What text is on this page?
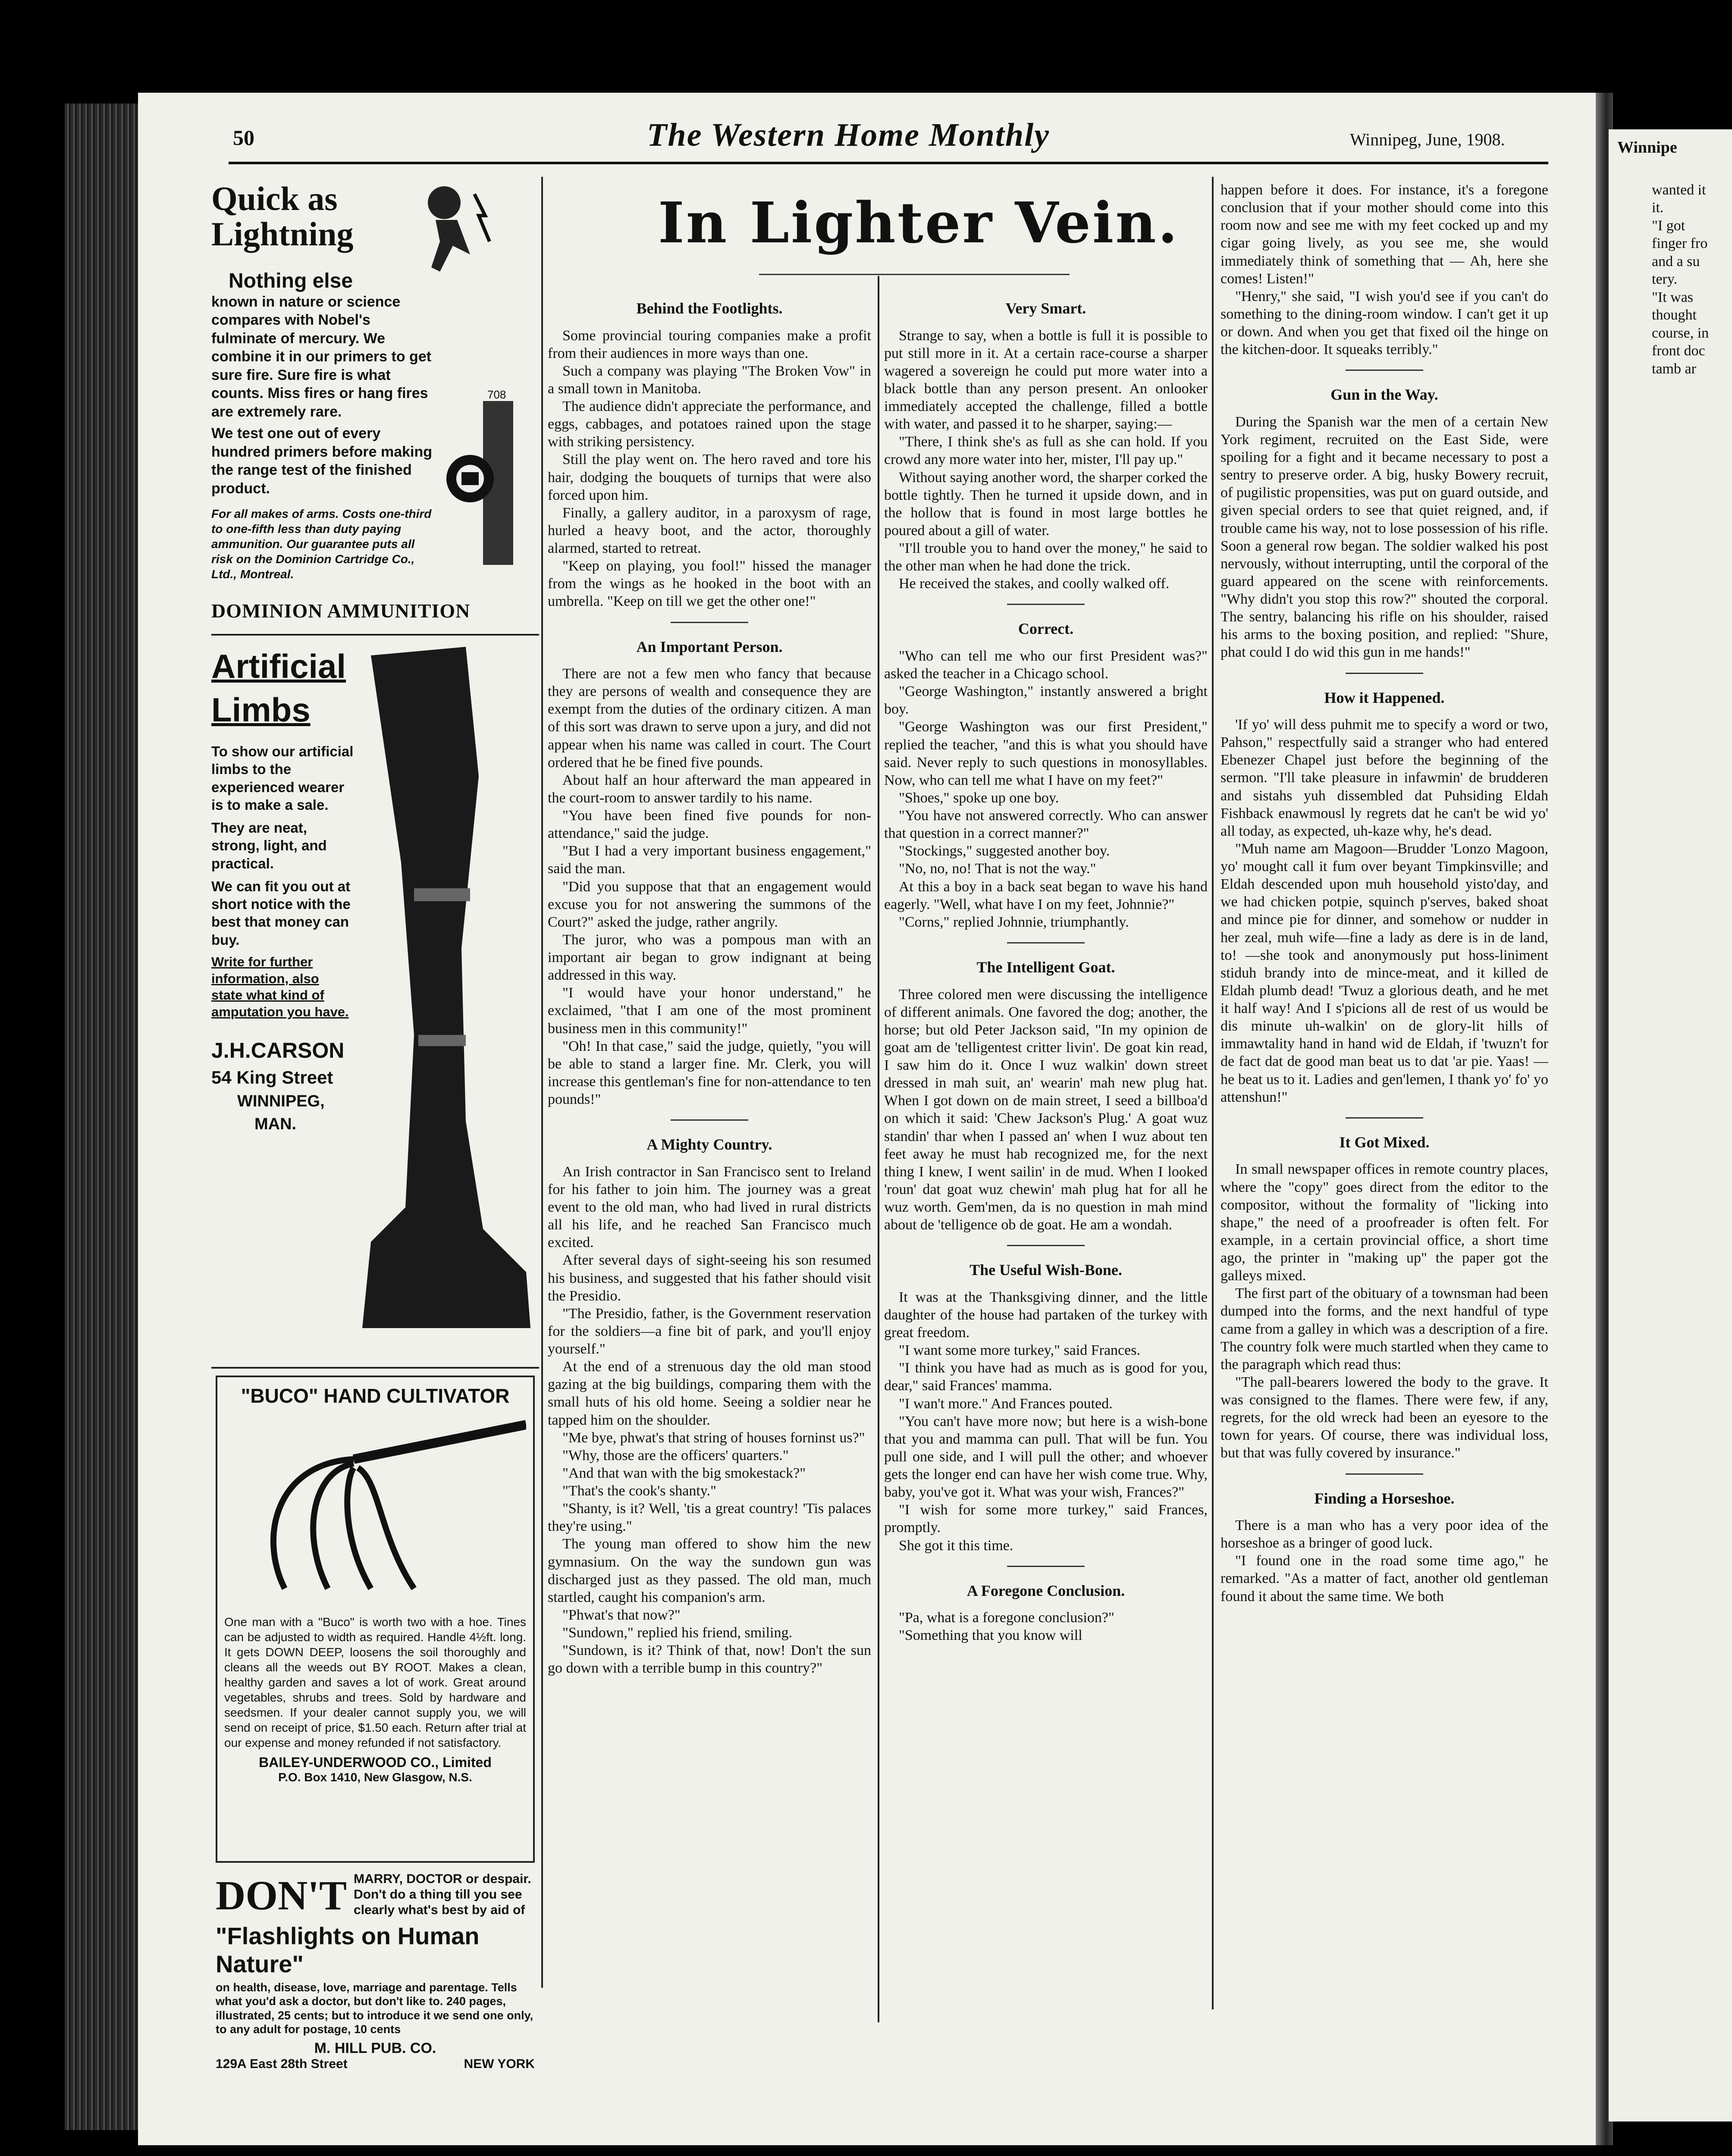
Winnipe
wanted it
it.
"I got
finger fro
and a su
tery.
"It was
thought
course, in
front doc
tamb ar
50	The Western Home Monthly	Winnipeg, June, 1908.
Quick as Lightning
Nothing else
known in nature or science compares with Nobel's fulminate of mercury. We combine it in our primers to get sure fire. Sure fire is what counts. Miss fires or hang fires are extremely rare.
We test one out of every hundred primers before making the range test of the finished product.
For all makes of arms. Costs one-third to one-fifth less than duty paying ammunition. Our guarantee puts all risk on the Dominion Cartridge Co., Ltd., Montreal.
708
DOMINION AMMUNITION
Artificial
Limbs
To show our artificial limbs to the experienced wearer is to make a sale.
They are neat, strong, light, and practical.
We can fit you out at short notice with the best that money can buy.
Write for further information, also state what kind of amputation you have.
J.H.CARSON
54 King Street
WINNIPEG,
MAN.
"BUCO" HAND CULTIVATOR
One man with a "Buco" is worth two with a hoe. Tines can be adjusted to width as required. Handle 4½ft. long. It gets DOWN DEEP, loosens the soil thoroughly and cleans all the weeds out BY ROOT. Makes a clean, healthy garden and saves a lot of work. Great around vegetables, shrubs and trees. Sold by hardware and seedsmen. If your dealer cannot supply you, we will send on receipt of price, $1.50 each. Return after trial at our expense and money refunded if not satisfactory.
BAILEY-UNDERWOOD CO., Limited
P.O. Box 1410, New Glasgow, N.S.
DON'T MARRY, DOCTOR or despair. Don't do a thing till you see clearly what's best by aid of
"Flashlights on Human Nature"
on health, disease, love, marriage and parentage. Tells what you'd ask a doctor, but don't like to. 240 pages, illustrated, 25 cents; but to introduce it we send one only, to any adult for postage, 10 cents
M. HILL PUB. CO.
129A East 28th Street	NEW YORK
In Lighter Vein.
Behind the Footlights.

Some provincial touring companies make a profit from their audiences in more ways than one.

Such a company was playing "The Broken Vow" in a small town in Manitoba.

The audience didn't appreciate the performance, and eggs, cabbages, and potatoes rained upon the stage with striking persistency.

Still the play went on. The hero raved and tore his hair, dodging the bouquets of turnips that were also forced upon him.

Finally, a gallery auditor, in a paroxysm of rage, hurled a heavy boot, and the actor, thoroughly alarmed, started to retreat.

"Keep on playing, you fool!" hissed the manager from the wings as he hooked in the boot with an umbrella. "Keep on till we get the other one!"

An Important Person.

There are not a few men who fancy that because they are persons of wealth and consequence they are exempt from the duties of the ordinary citizen. A man of this sort was drawn to serve upon a jury, and did not appear when his name was called in court. The Court ordered that he be fined five pounds.

About half an hour afterward the man appeared in the court-room to answer tardily to his name.

"You have been fined five pounds for non-attendance," said the judge.

"But I had a very important business engagement," said the man.

"Did you suppose that that an engagement would excuse you for not answering the summons of the Court?" asked the judge, rather angrily.

The juror, who was a pompous man with an important air began to grow indignant at being addressed in this way.

"I would have your honor understand," he exclaimed, "that I am one of the most prominent business men in this community!"

"Oh! In that case," said the judge, quietly, "you will be able to stand a larger fine. Mr. Clerk, you will increase this gentleman's fine for non-attendance to ten pounds!"

A Mighty Country.

An Irish contractor in San Francisco sent to Ireland for his father to join him. The journey was a great event to the old man, who had lived in rural districts all his life, and he reached San Francisco much excited.

After several days of sight-seeing his son resumed his business, and suggested that his father should visit the Presidio.

"The Presidio, father, is the Government reservation for the soldiers—a fine bit of park, and you'll enjoy yourself."

At the end of a strenuous day the old man stood gazing at the big buildings, comparing them with the small huts of his old home. Seeing a soldier near he tapped him on the shoulder.

"Me bye, phwat's that string of houses forninst us?"

"Why, those are the officers' quarters."

"And that wan with the big smokestack?"

"That's the cook's shanty."

"Shanty, is it? Well, 'tis a great country! 'Tis palaces they're using."

The young man offered to show him the new gymnasium. On the way the sundown gun was discharged just as they passed. The old man, much startled, caught his companion's arm.

"Phwat's that now?"

"Sundown," replied his friend, smiling.

"Sundown, is it? Think of that, now! Don't the sun go down with a terrible bump in this country?"

Very Smart.

Strange to say, when a bottle is full it is possible to put still more in it. At a certain race-course a sharper wagered a sovereign he could put more water into a black bottle than any person present. An onlooker immediately accepted the challenge, filled a bottle with water, and passed it to he sharper, saying:—

"There, I think she's as full as she can hold. If you crowd any more water into her, mister, I'll pay up."

Without saying another word, the sharper corked the bottle tightly. Then he turned it upside down, and in the hollow that is found in most large bottles he poured about a gill of water.

"I'll trouble you to hand over the money," he said to the other man when he had done the trick.

He received the stakes, and coolly walked off.

Correct.

"Who can tell me who our first President was?" asked the teacher in a Chicago school.

"George Washington," instantly answered a bright boy.

"George Washington was our first President," replied the teacher, "and this is what you should have said. Never reply to such questions in monosyllables. Now, who can tell me what I have on my feet?"

"Shoes," spoke up one boy.

"You have not answered correctly. Who can answer that question in a correct manner?"

"Stockings," suggested another boy.

"No, no, no! That is not the way."

At this a boy in a back seat began to wave his hand eagerly. "Well, what have I on my feet, Johnnie?"

"Corns," replied Johnnie, triumphantly.

The Intelligent Goat.

Three colored men were discussing the intelligence of different animals. One favored the dog; another, the horse; but old Peter Jackson said, "In my opinion de goat am de 'telligentest critter livin'. De goat kin read, I saw him do it. Once I wuz walkin' down street dressed in mah suit, an' wearin' mah new plug hat. When I got down on de main street, I seed a billboa'd on which it said: 'Chew Jackson's Plug.' A goat wuz standin' thar when I passed an' when I wuz about ten feet away he must hab recognized me, for the next thing I knew, I went sailin' in de mud. When I looked 'roun' dat goat wuz chewin' mah plug hat for all he wuz worth. Gem'men, da is no question in mah mind about de 'telligence ob de goat. He am a wondah.

The Useful Wish-Bone.

It was at the Thanksgiving dinner, and the little daughter of the house had partaken of the turkey with great freedom.

"I want some more turkey," said Frances.

"I think you have had as much as is good for you, dear," said Frances' mamma.

"I wan't more." And Frances pouted.

"You can't have more now; but here is a wish-bone that you and mamma can pull. That will be fun. You pull one side, and I will pull the other; and whoever gets the longer end can have her wish come true. Why, baby, you've got it. What was your wish, Frances?"

"I wish for some more turkey," said Frances, promptly.

She got it this time.

A Foregone Conclusion.

"Pa, what is a foregone conclusion?"

"Something that you know will

happen before it does. For instance, it's a foregone conclusion that if your mother should come into this room now and see me with my feet cocked up and my cigar going lively, as you see me, she would immediately think of something that — Ah, here she comes! Listen!"

"Henry," she said, "I wish you'd see if you can't do something to the dining-room window. I can't get it up or down. And when you get that fixed oil the hinge on the kitchen-door. It squeaks terribly."

Gun in the Way.

During the Spanish war the men of a certain New York regiment, recruited on the East Side, were spoiling for a fight and it became necessary to post a sentry to preserve order. A big, husky Bowery recruit, of pugilistic propensities, was put on guard outside, and given special orders to see that quiet reigned, and, if trouble came his way, not to lose possession of his rifle. Soon a general row began. The soldier walked his post nervously, without interrupting, until the corporal of the guard appeared on the scene with reinforcements. "Why didn't you stop this row?" shouted the corporal. The sentry, balancing his rifle on his shoulder, raised his arms to the boxing position, and replied: "Shure, phat could I do wid this gun in me hands!"

How it Happened.

'If yo' will dess puhmit me to specify a word or two, Pahson," respectfully said a stranger who had entered Ebenezer Chapel just before the beginning of the sermon. "I'll take pleasure in infawmin' de brudderen and sistahs yuh dissembled dat Puhsiding Eldah Fishback enawmousl ly regrets dat he can't be wid yo' all today, as expected, uh-kaze why, he's dead.

"Muh name am Magoon—Brudder 'Lonzo Magoon, yo' mought call it fum over beyant Timpkinsville; and Eldah descended upon muh household yisto'day, and we had chicken potpie, squinch p'serves, baked shoat and mince pie for dinner, and somehow or nudder in her zeal, muh wife—fine a lady as dere is in de land, to! —she took and anonymously put hoss-liniment stiduh brandy into de mince-meat, and it killed de Eldah plumb dead! 'Twuz a glorious death, and he met it half way! And I s'picions all de rest of us would be dis minute uh-walkin' on de glory-lit hills of immawtality hand in hand wid de Eldah, if 'twuzn't for de fact dat de good man beat us to dat 'ar pie. Yaas! —he beat us to it. Ladies and gen'lemen, I thank yo' fo' yo attenshun!"

It Got Mixed.

In small newspaper offices in remote country places, where the "copy" goes direct from the editor to the compositor, without the formality of "licking into shape," the need of a proofreader is often felt. For example, in a certain provincial office, a short time ago, the printer in "making up" the paper got the galleys mixed.

The first part of the obituary of a townsman had been dumped into the forms, and the next handful of type came from a galley in which was a description of a fire. The country folk were much startled when they came to the paragraph which read thus:

"The pall-bearers lowered the body to the grave. It was consigned to the flames. There were few, if any, regrets, for the old wreck had been an eyesore to the town for years. Of course, there was individual loss, but that was fully covered by insurance."

Finding a Horseshoe.

There is a man who has a very poor idea of the horseshoe as a bringer of good luck.

"I found one in the road some time ago," he remarked. "As a matter of fact, another old gentleman found it about the same time. We both
